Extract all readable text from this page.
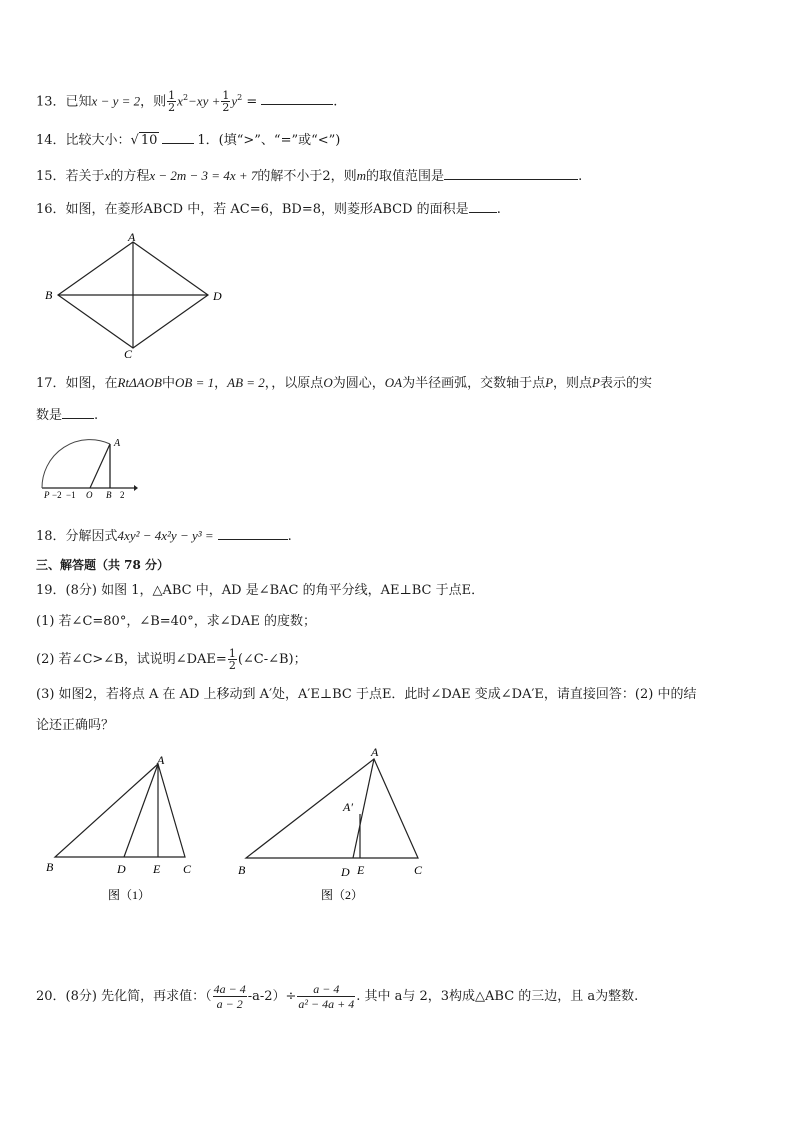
13．已知x − y = 2，则 $\frac{1}{2} x^2-xy + \frac{1}{2} y^2$ =	.
14．比较大小：√ 10	1．(填“>”、“=”或“<”)
15．若关于x的方程x − 2m − 3 = 4x + 7的解不小于2，则m的取值范围是	.
16．如图，在菱形ABCD 中，若 AC=6，BD=8，则菱形ABCD 的面积是 .
A
B	D
C
17．如图，在RtΔAOB中OB = 1，AB = 2，，以原点O为圆心，OA为半径画弧，交数轴于点P，则点P表示的实
数是 .
A
P −2 −1 O B 2
18．分解因式4xy² − 4x²y − y³ =	.
三、解答题（共 78 分）
19．(8分) 如图 1，△ABC 中，AD 是∠BAC 的角平分线，AE⊥BC 于点E．
(1) 若∠C=80°，∠B=40°，求∠DAE 的度数；
(2) 若∠C>∠B，试说明∠DAE= $\frac{1}{2}$ (∠C-∠B)；
(3) 如图2，若将点 A 在 AD 上移动到 A′处，A′E⊥BC 于点E．此时∠DAE 变成∠DA′E，请直接回答：(2) 中的结
论还正确吗？
A
B	D E C
图（1）
A
A′
B	D E	C
图（2）
20．(8分) 先化简，再求值：（ $\frac{4a - 4}{a - 2} -a-2)\div \frac{a - 4}{\text{a² − 4a + 4}}$ . 其中 a与 2，3构成△ABC 的三边，且 a为整数.
